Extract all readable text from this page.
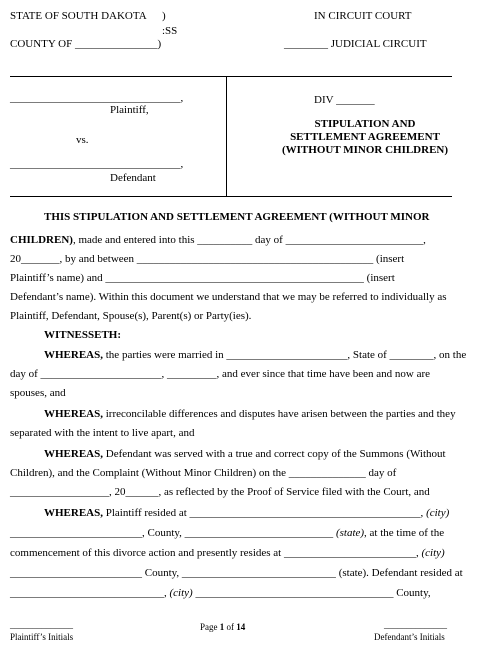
STATE OF SOUTH DAKOTA )
:SS
COUNTY OF _______________)
IN CIRCUIT COURT
________ JUDICIAL CIRCUIT
_______________________________,
Plaintiff,
vs.
_______________________________,
Defendant
DIV _______
STIPULATION AND
SETTLEMENT AGREEMENT
(WITHOUT MINOR CHILDREN)
THIS STIPULATION AND SETTLEMENT AGREEMENT (WITHOUT MINOR
CHILDREN), made and entered into this __________ day of _________________________,
20_______, by and between ___________________________________________ (insert
Plaintiff’s name) and _______________________________________________ (insert
Defendant’s name). Within this document we understand that we may be referred to individually as
Plaintiff, Defendant, Spouse(s), Parent(s) or Party(ies).
WITNESSETH:
WHEREAS, the parties were married in ______________________, State of ________, on the
day of ______________________, _________, and ever since that time have been and now are
spouses, and
WHEREAS, irreconcilable differences and disputes have arisen between the parties and they
separated with the intent to live apart, and
WHEREAS, Defendant was served with a true and correct copy of the Summons (Without
Children), and the Complaint (Without Minor Children) on the ______________ day of
__________________, 20______, as reflected by the Proof of Service filed with the Court, and
WHEREAS, Plaintiff resided at __________________________________________, (city)
________________________, County, ___________________________ (state), at the time of the
commencement of this divorce action and presently resides at ________________________, (city)
________________________ County, ____________________________ (state). Defendant resided at
____________________________, (city) ____________________________________ County,
Page 1 of 14
______________
Plaintiff’s Initials
______________
Defendant’s Initials
